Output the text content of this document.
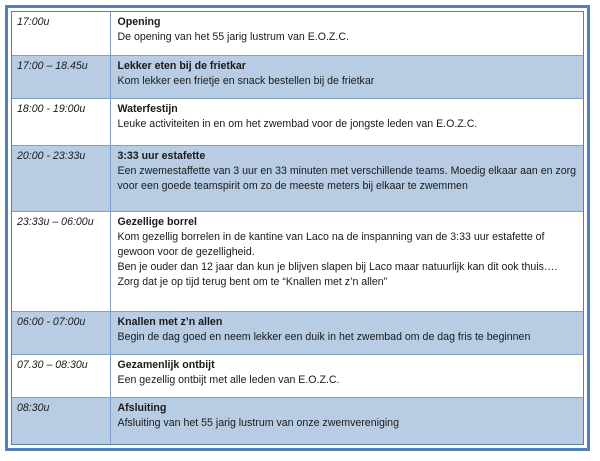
17:00u	Opening
De opening van het 55 jarig lustrum van E.O.Z.C.

17:00 – 18.45u	Lekker eten bij de frietkar
Kom lekker een frietje en snack bestellen bij de frietkar

18:00 - 19:00u	Waterfestijn
Leuke activiteiten in en om het zwembad voor de jongste leden van E.O.Z.C.

20:00 - 23:33u	3:33 uur estafette
Een zwemestaffette van 3 uur en 33 minuten met verschillende teams. Moedig elkaar aan en zorg voor een goede teamspirit om zo de meeste meters bij elkaar te zwemmen

23:33u – 06:00u	Gezellige borrel
Kom gezellig borrelen in de kantine van Laco na de inspanning van de 3:33 uur estafette of gewoon voor de gezelligheid.
Ben je ouder dan 12 jaar dan kun je blijven slapen bij Laco maar natuurlijk kan dit ook thuis…. Zorg dat je op tijd terug bent om te “Knallen met z’n allen”

06:00 - 07:00u	Knallen met z’n allen
Begin de dag goed en neem lekker een duik in het zwembad om de dag fris te beginnen

07.30 – 08:30u	Gezamenlijk ontbijt
Een gezellig ontbijt met alle leden van E.O.Z.C.

08:30u	Afsluiting
Afsluiting van het 55 jarig lustrum van onze zwemvereniging
